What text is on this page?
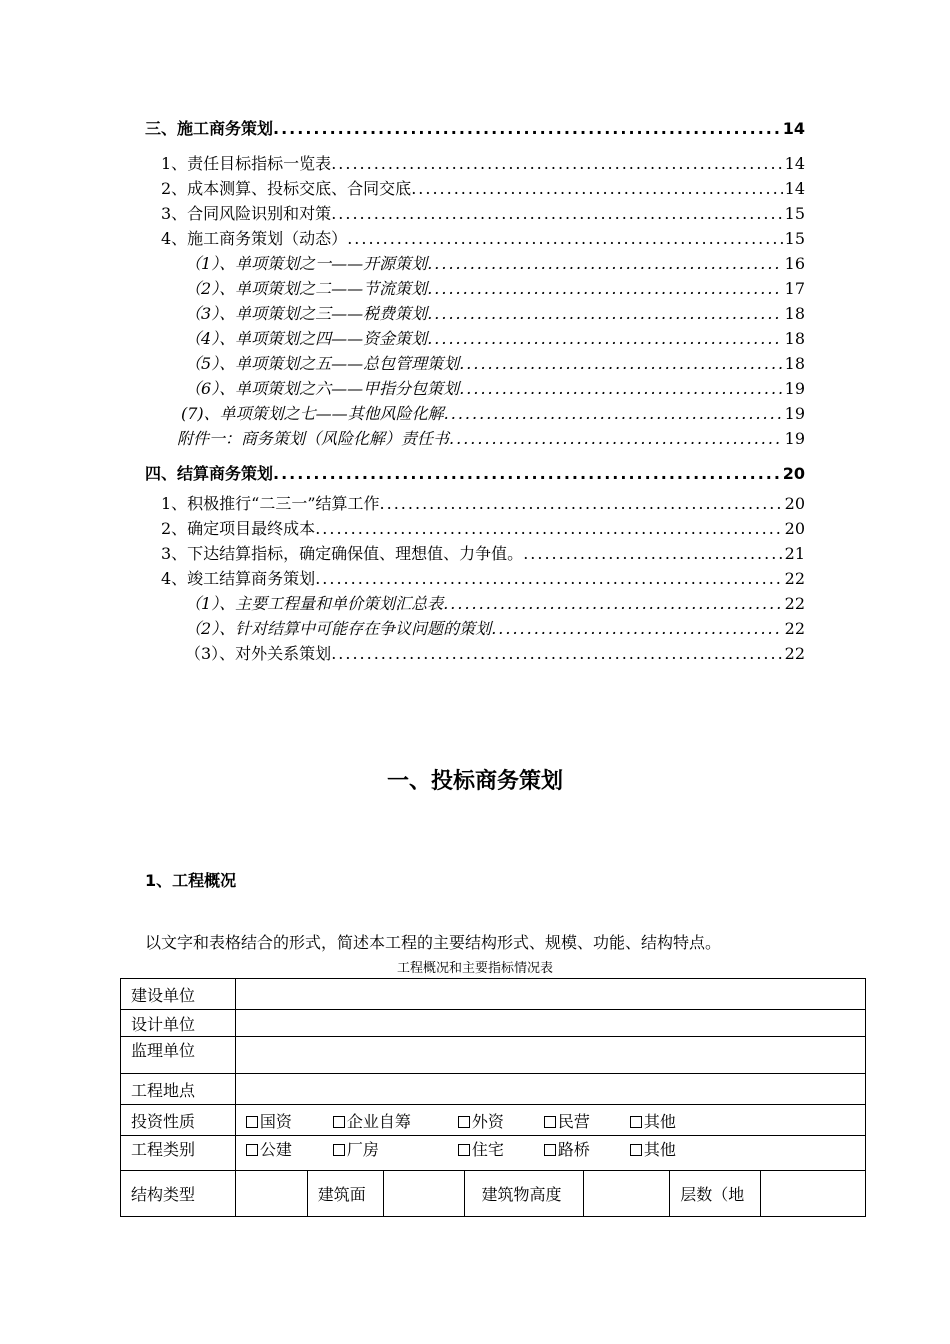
三、施工商务策划 .....	14
1、责任目标指标一览表 .....	14
2、成本测算、投标交底、合同交底 .....	14
3、合同风险识别和对策 .....	15
4、施工商务策划（动态） .....	15
（1）、单项策划之一——开源策划 .....	16
（2）、单项策划之二——节流策划 .....	17
（3）、单项策划之三——税费策划 .....	18
（4）、单项策划之四——资金策划 .....	18
（5）、单项策划之五——总包管理策划 .....	18
（6）、单项策划之六——甲指分包策划 .....	19
(7)、单项策划之七——其他风险化解 .....	19
附件一：商务策划（风险化解）责任书 .....	19
四、结算商务策划 .....	20
1、积极推行“二三一”结算工作 .....	20
2、确定项目最终成本 .....	20
3、下达结算指标，确定确保值、理想值、力争值。 .....	21
4、竣工结算商务策划 .....	22
（1）、主要工程量和单价策划汇总表 .....	22
（2）、针对结算中可能存在争议问题的策划 .....	22
（3）、对外关系策划 .....	22
一、投标商务策划
1、工程概况
以文字和表格结合的形式，简述本工程的主要结构形式、规模、功能、结构特点。
工程概况和主要指标情况表
建设单位							
设计单位							
监理单位							
工程地点							
投资性质	国资 企业自筹 外资 民营 其他						
工程类别	公建 厂房 住宅 路桥 其他						
结构类型		建筑面		建筑物高度		层数（地	
